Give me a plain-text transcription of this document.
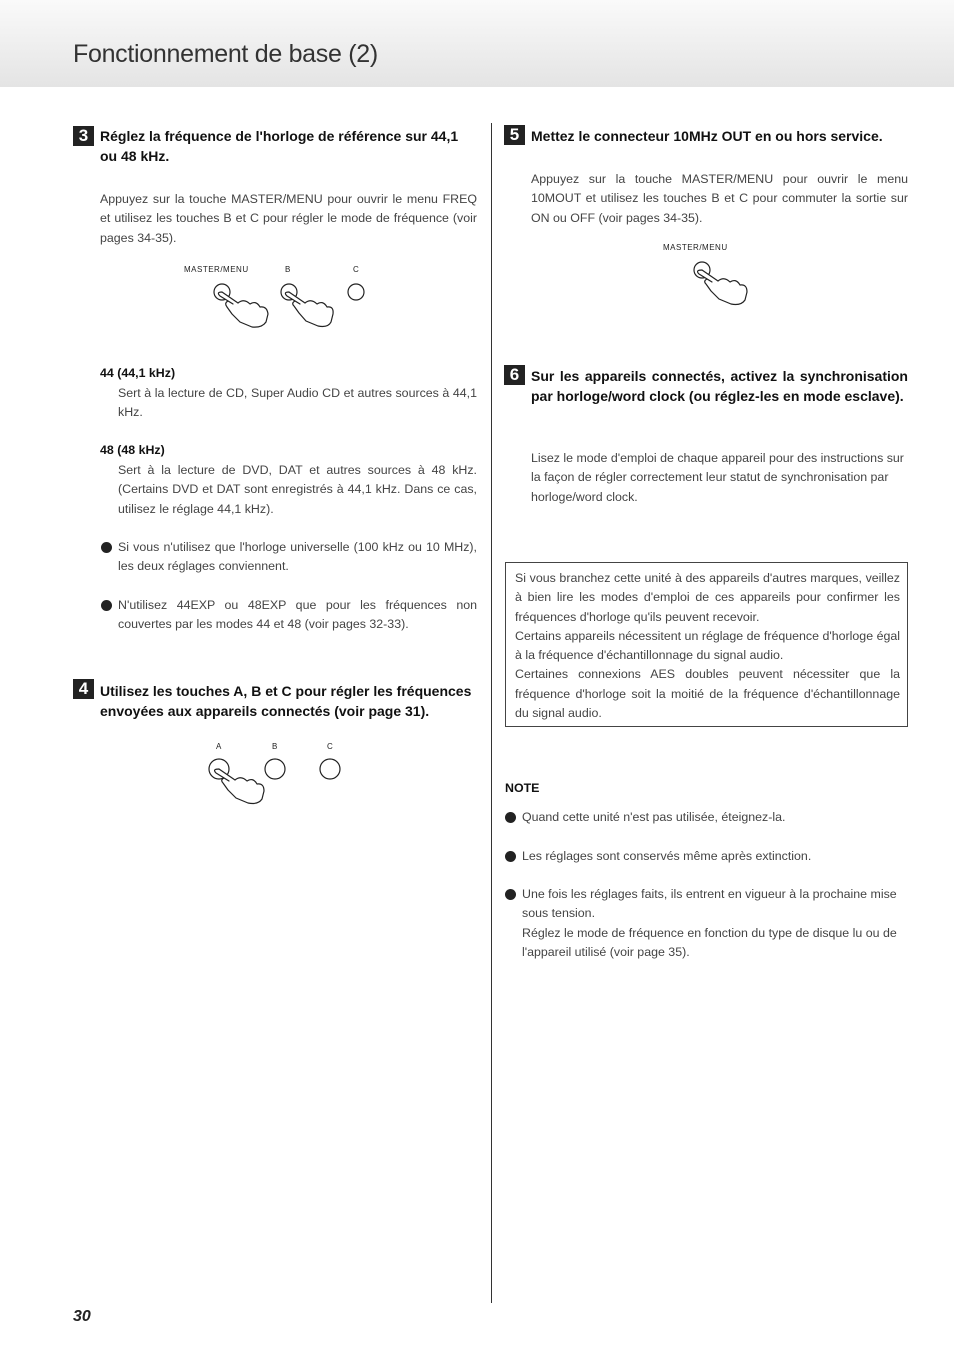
Fonctionnement de base (2)
3 Réglez la fréquence de l'horloge de référence sur 44,1 ou 48 kHz.
Appuyez sur la touche MASTER/MENU pour ouvrir le menu FREQ et utilisez les touches B et C pour régler le mode de fréquence (voir pages 34-35).
MASTER/MENU	B	C
44 (44,1 kHz)
Sert à la lecture de CD, Super Audio CD et autres sources à 44,1 kHz.
48 (48 kHz)
Sert à la lecture de DVD, DAT et autres sources à 48 kHz. (Certains DVD et DAT sont enregistrés à 44,1 kHz. Dans ce cas, utilisez le réglage 44,1 kHz).
Si vous n'utilisez que l'horloge universelle (100 kHz ou 10 MHz), les deux réglages conviennent.
N'utilisez 44EXP ou 48EXP que pour les fréquences non couvertes par les modes 44 et 48 (voir pages 32-33).
4 Utilisez les touches A, B et C pour régler les fréquences envoyées aux appareils connectés (voir page 31).
A	B	C
5 Mettez le connecteur 10MHz OUT en ou hors service.
Appuyez sur la touche MASTER/MENU pour ouvrir le menu 10MOUT et utilisez les touches B et C pour commuter la sortie sur ON ou OFF (voir pages 34-35).
MASTER/MENU
6 Sur les appareils connectés, activez la synchronisation par horloge/word clock (ou réglez-les en mode esclave).
Lisez le mode d'emploi de chaque appareil pour des instructions sur la façon de régler correctement leur statut de synchronisation par horloge/word clock.
Si vous branchez cette unité à des appareils d'autres marques, veillez à bien lire les modes d'emploi de ces appareils pour confirmer les fréquences d'horloge qu'ils peuvent recevoir.
Certains appareils nécessitent un réglage de fréquence d'horloge égal à la fréquence d'échantillonnage du signal audio.
Certaines connexions AES doubles peuvent nécessiter que la fréquence d'horloge soit la moitié de la fréquence d'échantillonnage du signal audio.
NOTE
Quand cette unité n'est pas utilisée, éteignez-la.
Les réglages sont conservés même après extinction.
Une fois les réglages faits, ils entrent en vigueur à la prochaine mise sous tension.
Réglez le mode de fréquence en fonction du type de disque lu ou de l'appareil utilisé (voir page 35).
30
